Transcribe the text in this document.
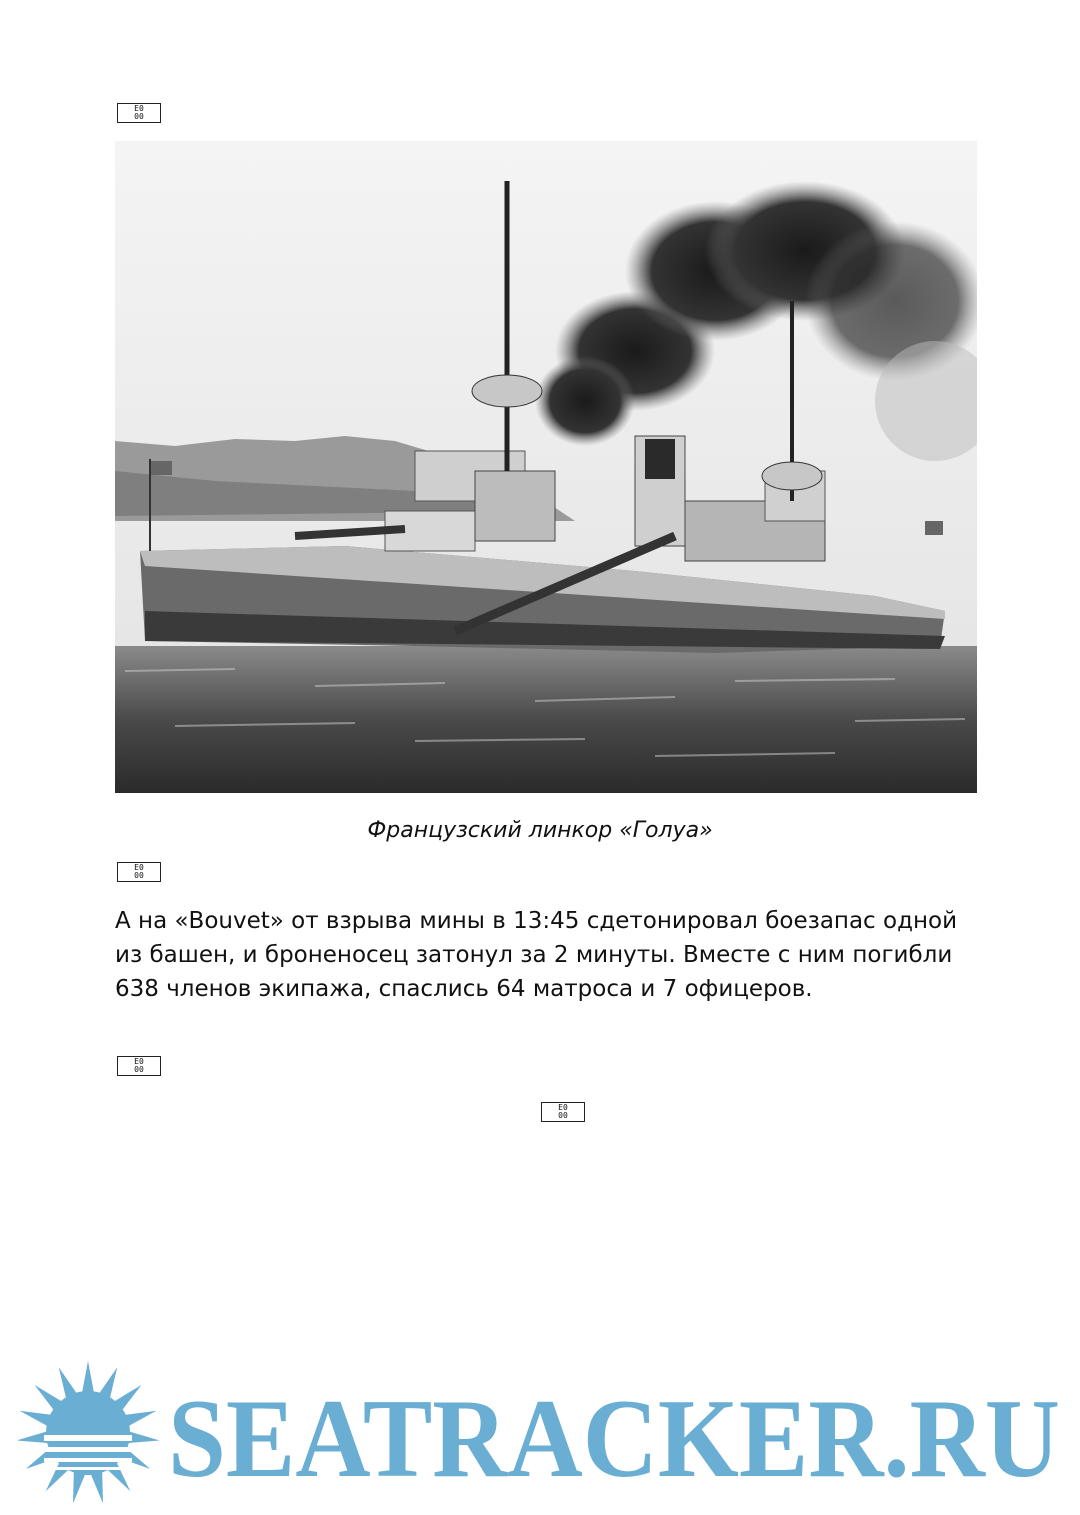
E0
00
Французский линкор «Голуа»
E0
00
А на «Bouvet» от взрыва мины в 13:45 сдетонировал боезапас одной из башен, и броненосец затонул за 2 минуты. Вместе с ним погибли 638 членов экипажа, спаслись 64 матроса и 7 офицеров.
E0
00
E0
00
SEATRACKER.RU
